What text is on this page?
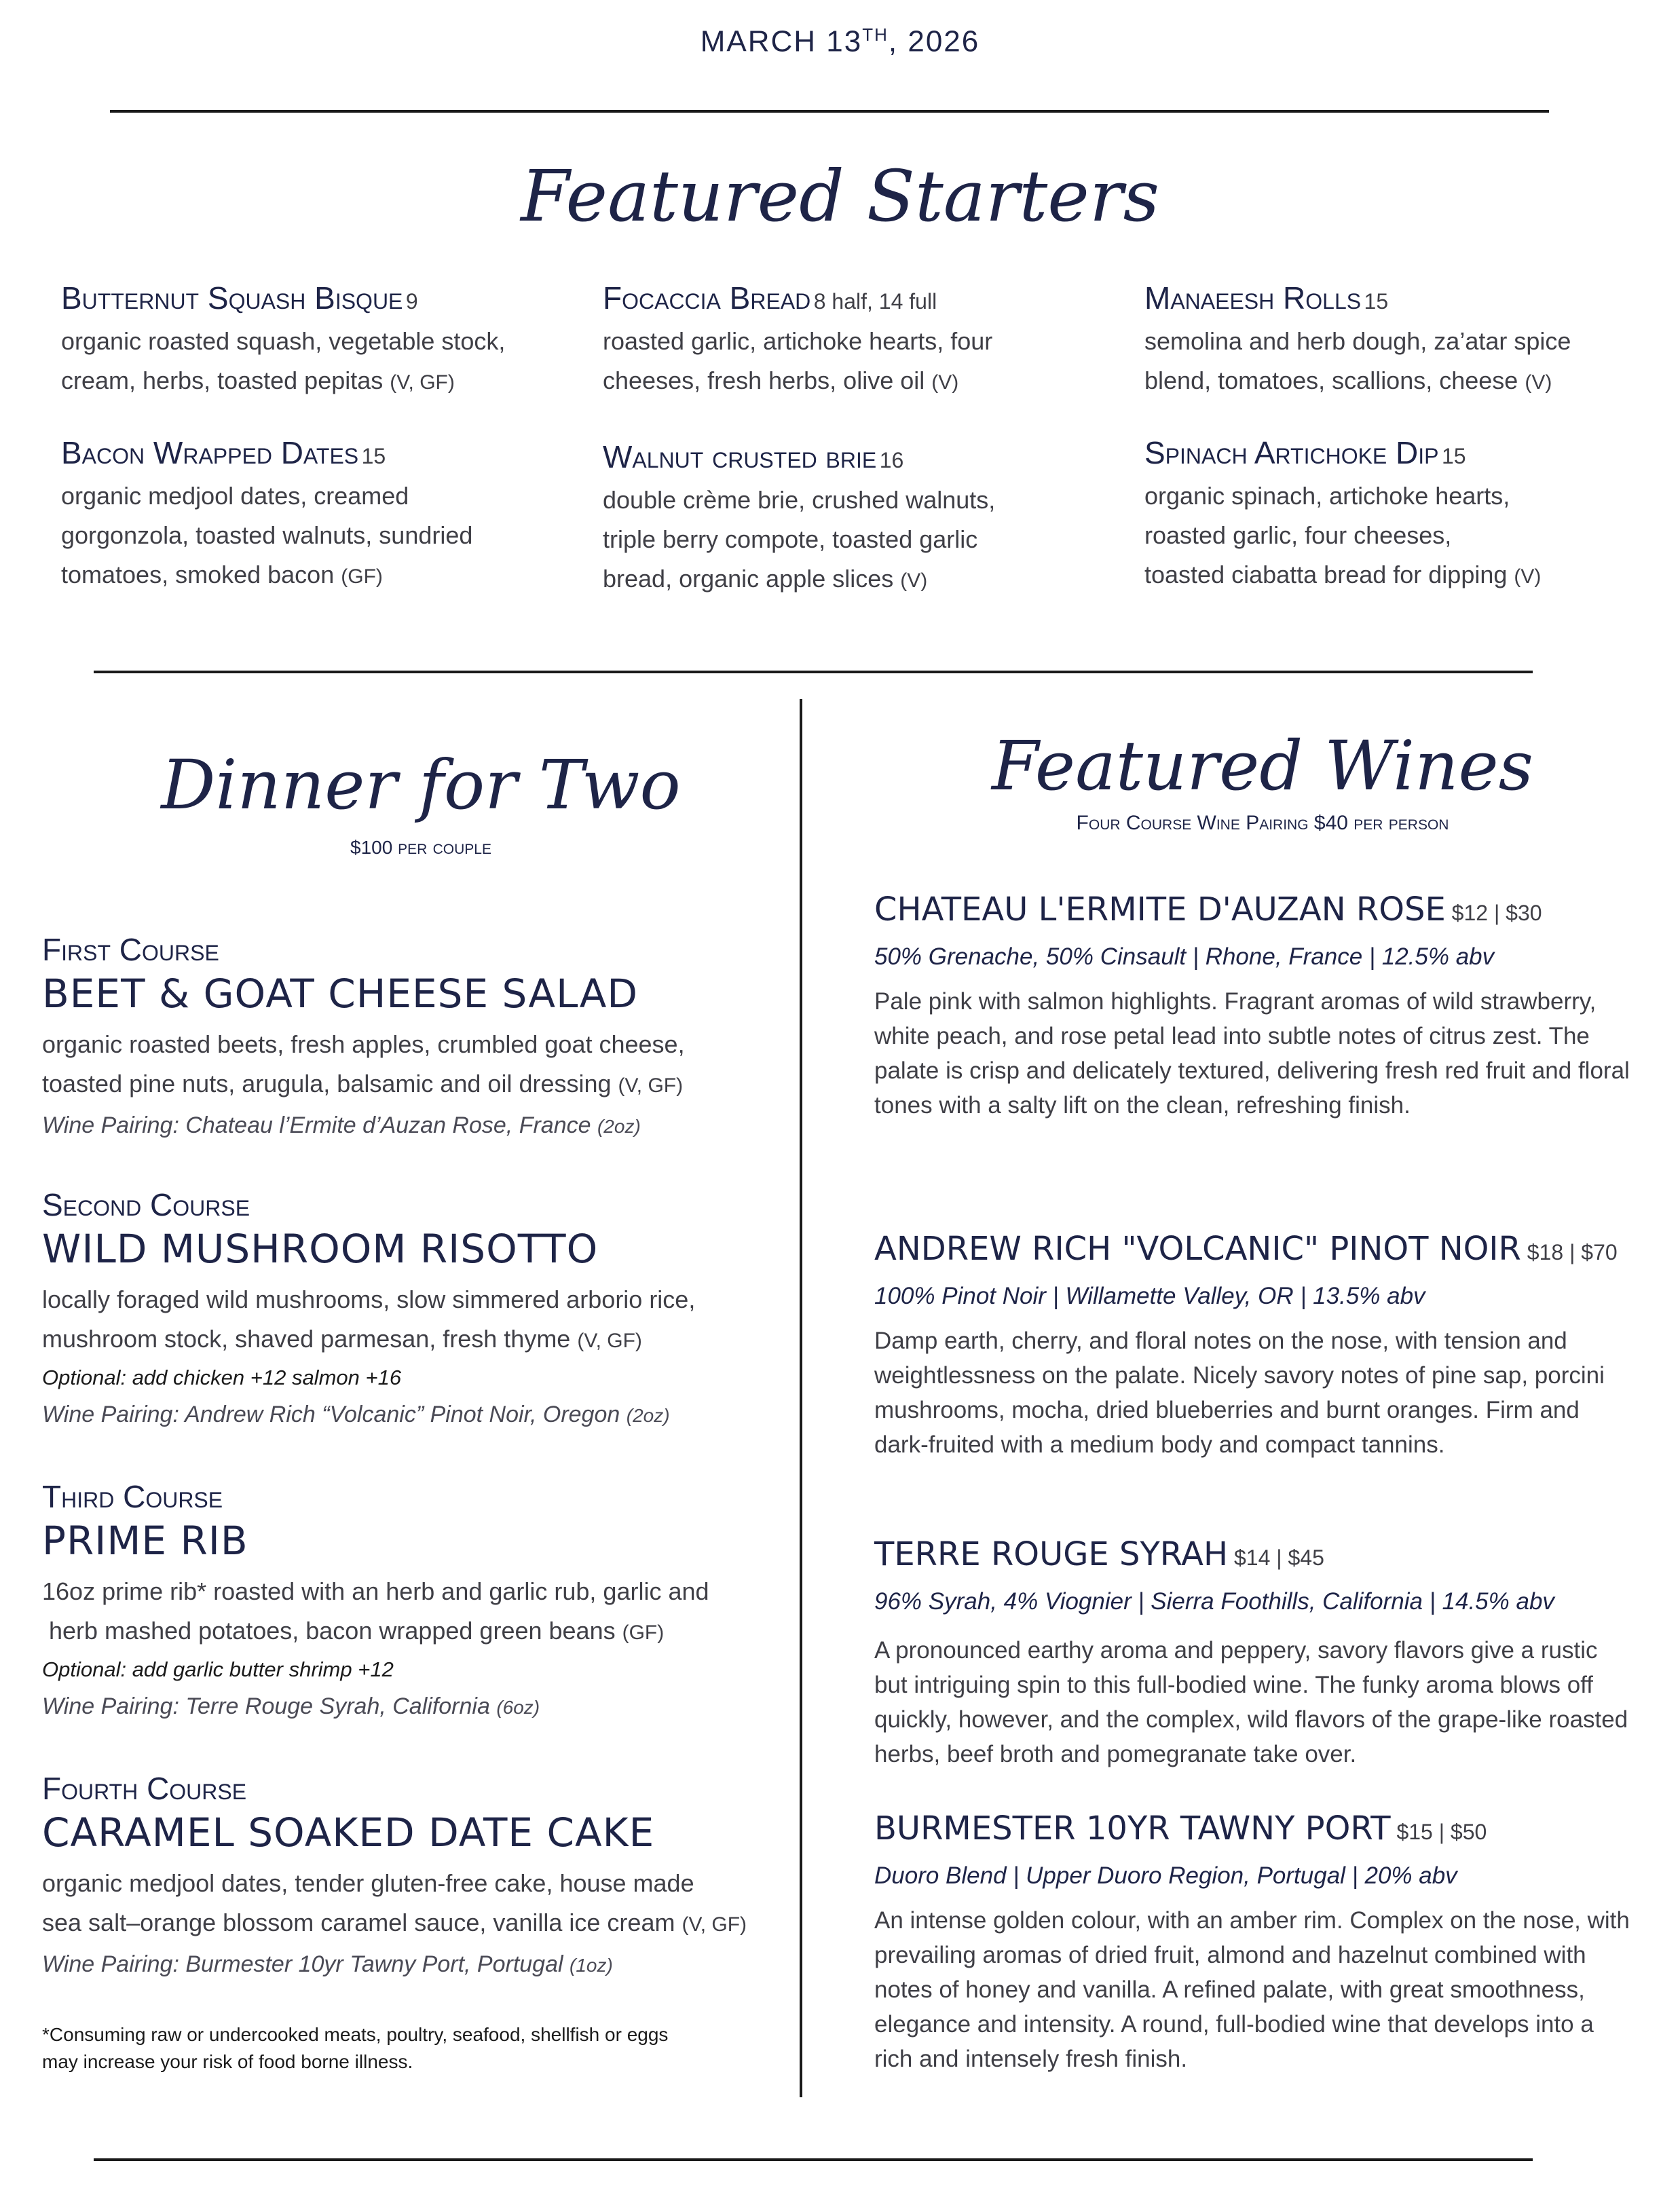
MARCH 13TH, 2026
Featured Starters
Butternut Squash Bisque 9
organic roasted squash, vegetable stock,
cream, herbs, toasted pepitas (V, GF)
Focaccia Bread 8 half, 14 full
roasted garlic, artichoke hearts, four
cheeses, fresh herbs, olive oil (V)
Manaeesh Rolls 15
semolina and herb dough, za’atar spice
blend, tomatoes, scallions, cheese (V)
Bacon Wrapped Dates 15
organic medjool dates, creamed
gorgonzola, toasted walnuts, sundried
tomatoes, smoked bacon (GF)
Walnut crusted brie 16
double crème brie, crushed walnuts,
triple berry compote, toasted garlic
bread, organic apple slices (V)
Spinach Artichoke Dip 15
organic spinach, artichoke hearts,
roasted garlic, four cheeses,
toasted ciabatta bread for dipping (V)
Dinner for Two
$100 per couple
First Course
BEET & GOAT CHEESE SALAD
organic roasted beets, fresh apples, crumbled goat cheese,
toasted pine nuts, arugula, balsamic and oil dressing (V, GF)
Wine Pairing: Chateau l’Ermite d’Auzan Rose, France (2oz)
Second Course
WILD MUSHROOM RISOTTO
locally foraged wild mushrooms, slow simmered arborio rice,
mushroom stock, shaved parmesan, fresh thyme (V, GF)
Optional: add chicken +12 salmon +16
Wine Pairing: Andrew Rich “Volcanic” Pinot Noir, Oregon (2oz)
Third Course
PRIME RIB
16oz prime rib* roasted with an herb and garlic rub, garlic and
herb mashed potatoes, bacon wrapped green beans (GF)
Optional: add garlic butter shrimp +12
Wine Pairing: Terre Rouge Syrah, California (6oz)
Fourth Course
CARAMEL SOAKED DATE CAKE
organic medjool dates, tender gluten-free cake, house made
sea salt–orange blossom caramel sauce, vanilla ice cream (V, GF)
Wine Pairing: Burmester 10yr Tawny Port, Portugal (1oz)
*Consuming raw or undercooked meats, poultry, seafood, shellfish or eggs
may increase your risk of food borne illness.
Featured Wines
Four Course Wine Pairing $40 per person
CHATEAU L'ERMITE D'AUZAN ROSE $12 | $30
50% Grenache, 50% Cinsault | Rhone, France | 12.5% abv
Pale pink with salmon highlights. Fragrant aromas of wild strawberry, white peach, and rose petal lead into subtle notes of citrus zest. The palate is crisp and delicately textured, delivering fresh red fruit and floral tones with a salty lift on the clean, refreshing finish.
ANDREW RICH "VOLCANIC" PINOT NOIR $18 | $70
100% Pinot Noir | Willamette Valley, OR | 13.5% abv
Damp earth, cherry, and floral notes on the nose, with tension and weightlessness on the palate. Nicely savory notes of pine sap, porcini mushrooms, mocha, dried blueberries and burnt oranges. Firm and dark-fruited with a medium body and compact tannins.
TERRE ROUGE SYRAH $14 | $45
96% Syrah, 4% Viognier | Sierra Foothills, California | 14.5% abv
A pronounced earthy aroma and peppery, savory flavors give a rustic but intriguing spin to this full-bodied wine. The funky aroma blows off quickly, however, and the complex, wild flavors of the grape-like roasted herbs, beef broth and pomegranate take over.
BURMESTER 10YR TAWNY PORT $15 | $50
Duoro Blend | Upper Duoro Region, Portugal | 20% abv
An intense golden colour, with an amber rim. Complex on the nose, with prevailing aromas of dried fruit, almond and hazelnut combined with notes of honey and vanilla. A refined palate, with great smoothness, elegance and intensity. A round, full-bodied wine that develops into a rich and intensely fresh finish.
